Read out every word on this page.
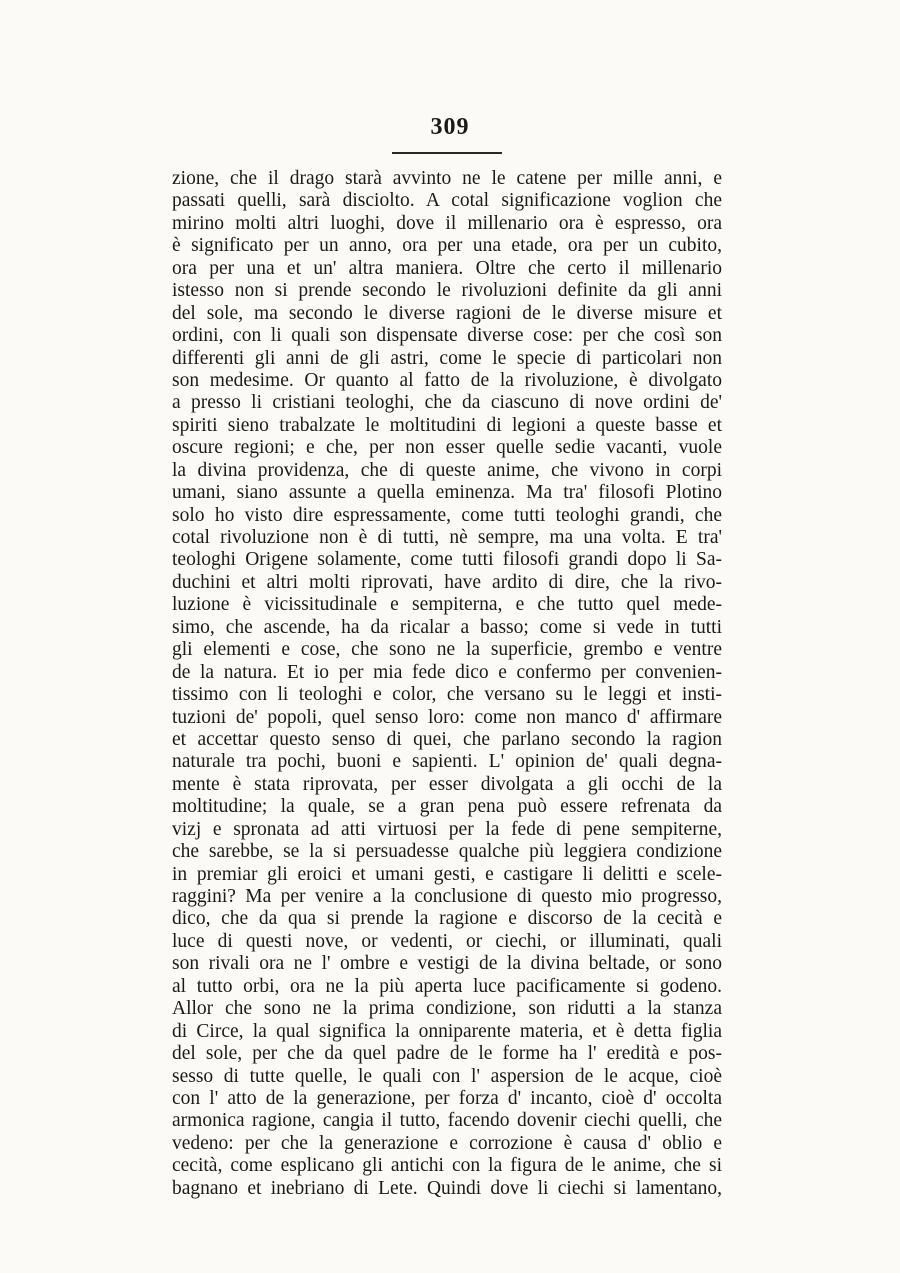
309
zione, che il drago starà avvinto ne le catene per mille anni, e
passati quelli, sarà disciolto. A cotal significazione voglion che
mirino molti altri luoghi, dove il millenario ora è espresso, ora
è significato per un anno, ora per una etade, ora per un cubito,
ora per una et un' altra maniera. Oltre che certo il millenario
istesso non si prende secondo le rivoluzioni definite da gli anni
del sole, ma secondo le diverse ragioni de le diverse misure et
ordini, con li quali son dispensate diverse cose: per che così son
differenti gli anni de gli astri, come le specie di particolari non
son medesime. Or quanto al fatto de la rivoluzione, è divolgato
a presso li cristiani teologhi, che da ciascuno di nove ordini de'
spiriti sieno trabalzate le moltitudini di legioni a queste basse et
oscure regioni; e che, per non esser quelle sedie vacanti, vuole
la divina providenza, che di queste anime, che vivono in corpi
umani, siano assunte a quella eminenza. Ma tra' filosofi Plotino
solo ho visto dire espressamente, come tutti teologhi grandi, che
cotal rivoluzione non è di tutti, nè sempre, ma una volta. E tra'
teologhi Origene solamente, come tutti filosofi grandi dopo li Sa-
duchini et altri molti riprovati, have ardito di dire, che la rivo-
luzione è vicissitudinale e sempiterna, e che tutto quel mede-
simo, che ascende, ha da ricalar a basso; come si vede in tutti
gli elementi e cose, che sono ne la superficie, grembo e ventre
de la natura. Et io per mia fede dico e confermo per convenien-
tissimo con li teologhi e color, che versano su le leggi et insti-
tuzioni de' popoli, quel senso loro: come non manco d' affirmare
et accettar questo senso di quei, che parlano secondo la ragion
naturale tra pochi, buoni e sapienti. L' opinion de' quali degna-
mente è stata riprovata, per esser divolgata a gli occhi de la
moltitudine; la quale, se a gran pena può essere refrenata da
vizj e spronata ad atti virtuosi per la fede di pene sempiterne,
che sarebbe, se la si persuadesse qualche più leggiera condizione
in premiar gli eroici et umani gesti, e castigare li delitti e scele-
raggini? Ma per venire a la conclusione di questo mio progresso,
dico, che da qua si prende la ragione e discorso de la cecità e
luce di questi nove, or vedenti, or ciechi, or illuminati, quali
son rivali ora ne l' ombre e vestigi de la divina beltade, or sono
al tutto orbi, ora ne la più aperta luce pacificamente si godeno.
Allor che sono ne la prima condizione, son ridutti a la stanza
di Circe, la qual significa la onniparente materia, et è detta figlia
del sole, per che da quel padre de le forme ha l' eredità e pos-
sesso di tutte quelle, le quali con l' aspersion de le acque, cioè
con l' atto de la generazione, per forza d' incanto, cioè d' occolta
armonica ragione, cangia il tutto, facendo dovenir ciechi quelli, che
vedeno: per che la generazione e corrozione è causa d' oblio e
cecità, come esplicano gli antichi con la figura de le anime, che si
bagnano et inebriano di Lete. Quindi dove li ciechi si lamentano,
